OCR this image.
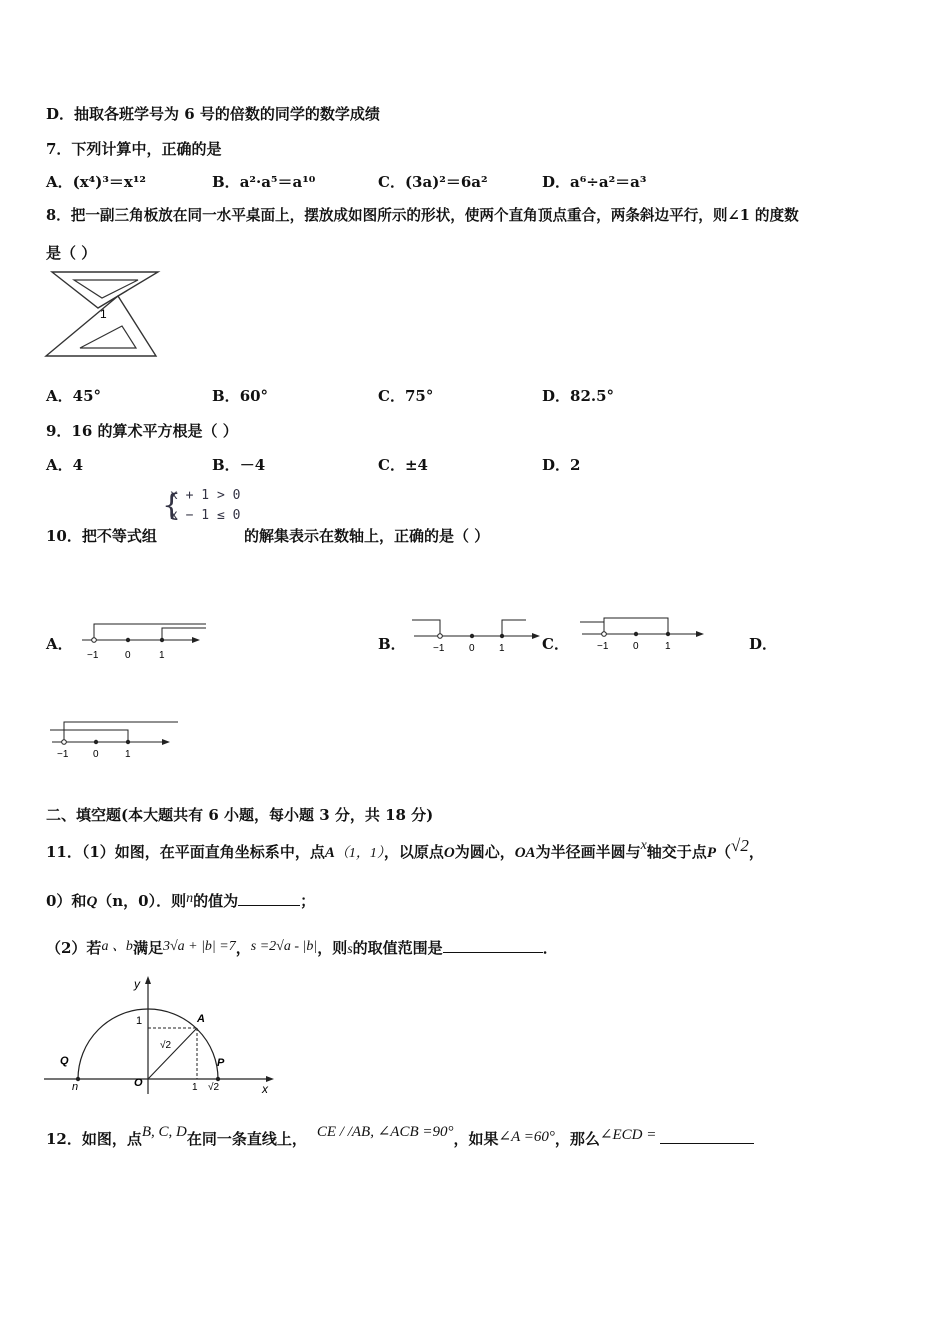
D．抽取各班学号为 6 号的倍数的同学的数学成绩
7．下列计算中，正确的是
A．(x⁴)³＝x¹²	B．a²·a⁵＝a¹⁰	C．(3a)²＝6a²	D．a⁶÷a²＝a³
8．把一副三角板放在同一水平桌面上，摆放成如图所示的形状，使两个直角顶点重合，两条斜边平行，则∠1 的度数
是（ ）
1
A．45°	B．60°	C．75°	D．82.5°
9．16 的算术平方根是（ ）
A．4	B．－4	C．±4	D．2
10．把不等式组
{
x + 1 > 0
x − 1 ≤ 0
的解集表示在数轴上，正确的是（ ）
A．
−1	0	1
B．	−1 0 1 C．	−1 0	1	D．
−1 0	1
二、填空题(本大题共有 6 小题，每小题 3 分，共 18 分)
11．（1）如图，在平面直角坐标系中，点A（1，1），以原点O为圆心，OA为半径画半圆与x轴交于点P（√2，
0）和Q（n，0）．则n的值为	；
（2）若a 、b满足3√a + |b| =7，s =2√a - |b|，则s的取值范围是	．
y
x
1	A
Q	P
O
n
√2
1 √2
12．如图，点B, C, D在同一条直线上， CE / /AB, ∠ACB =90°，如果∠A =60°，那么∠ECD =
